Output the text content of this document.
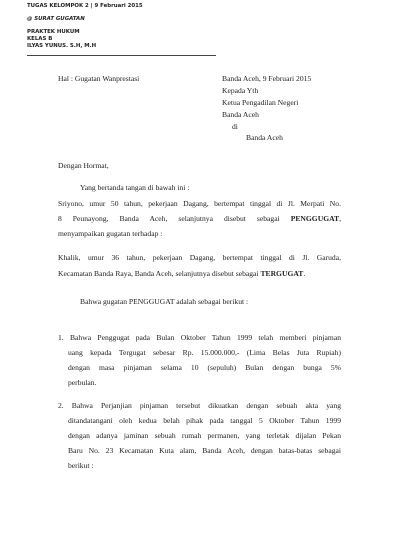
TUGAS KELOMPOK 2 | 9 Februari 2015
@ SURAT GUGATAN
PRAKTEK HUKUM
KELAS B
ILYAS YUNUS. S.H, M.H
Hal : Gugatan Wanprestasi	Banda Aceh, 9 Februari 2015
Kepada Yth
Ketua Pengadilan Negeri
Banda Aceh
di
Banda Aceh
Dengan Hormat,
Yang bertanda tangan di bawah ini :
Sriyono, umur 50 tahun, pekerjaan Dagang, bertempat tinggal di Jl. Merpati No.
8 Peunayong, Banda Aceh, selanjutnya disebut sebagai PENGGUGAT,
menyampaikan gugatan terhadap :
Khalik, umur 36 tahun, pekerjaan Dagang, bertempat tinggal di Jl. Garuda,
Kecamatan Banda Raya, Banda Aceh, selanjutnya disebut sebagai TERGUGAT.
Bahwa gugatan PENGGUGAT adalah sebagai berikut :
1. Bahwa Penggugat pada Bulan Oktober Tahun 1999 telah memberi pinjaman
uang kepada Tergugat sebesar Rp. 15.000.000,- (Lima Belas Juta Rupiah)
dengan masa pinjaman selama 10 (sepuluh) Bulan dengan bunga 5%
perbulan.
2. Bahwa Perjanjian pinjaman tersebut dikuatkan dengan sebuah akta yang
ditandatangani oleh kedua belah pihak pada tanggal 5 Oktober Tahun 1999
dengan adanya jaminan sebuah rumah permanen, yang terletak dijalan Pekan
Baru No. 23 Kecamatan Kuta alam, Banda Aceh, dengan batas-batas sebagai
berikut :
